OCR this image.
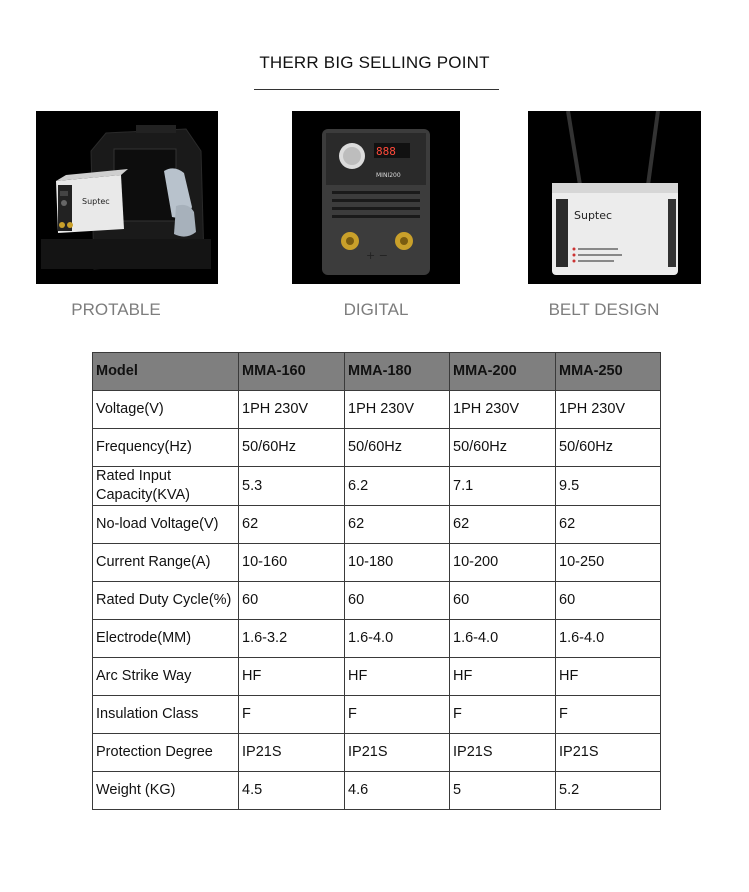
THERR BIG SELLING POINT
Suptec
888
MINI200
+ −
Suptec
PROTABLE	DIGITAL	BELT DESIGN
Model	MMA-160	MMA-180	MMA-200	MMA-250
Voltage(V)	1PH 230V	1PH 230V	1PH 230V	1PH 230V
Frequency(Hz)	50/60Hz	50/60Hz	50/60Hz	50/60Hz
Rated Input Capacity(KVA)	5.3	6.2	7.1	9.5
No-load Voltage(V)	62	62	62	62
Current Range(A)	10-160	10-180	10-200	10-250
Rated Duty Cycle(%)	60	60	60	60
Electrode(MM)	1.6-3.2	1.6-4.0	1.6-4.0	1.6-4.0
Arc Strike Way	HF	HF	HF	HF
Insulation Class	F	F	F	F
Protection Degree	IP21S	IP21S	IP21S	IP21S
Weight (KG)	4.5	4.6	5	5.2
